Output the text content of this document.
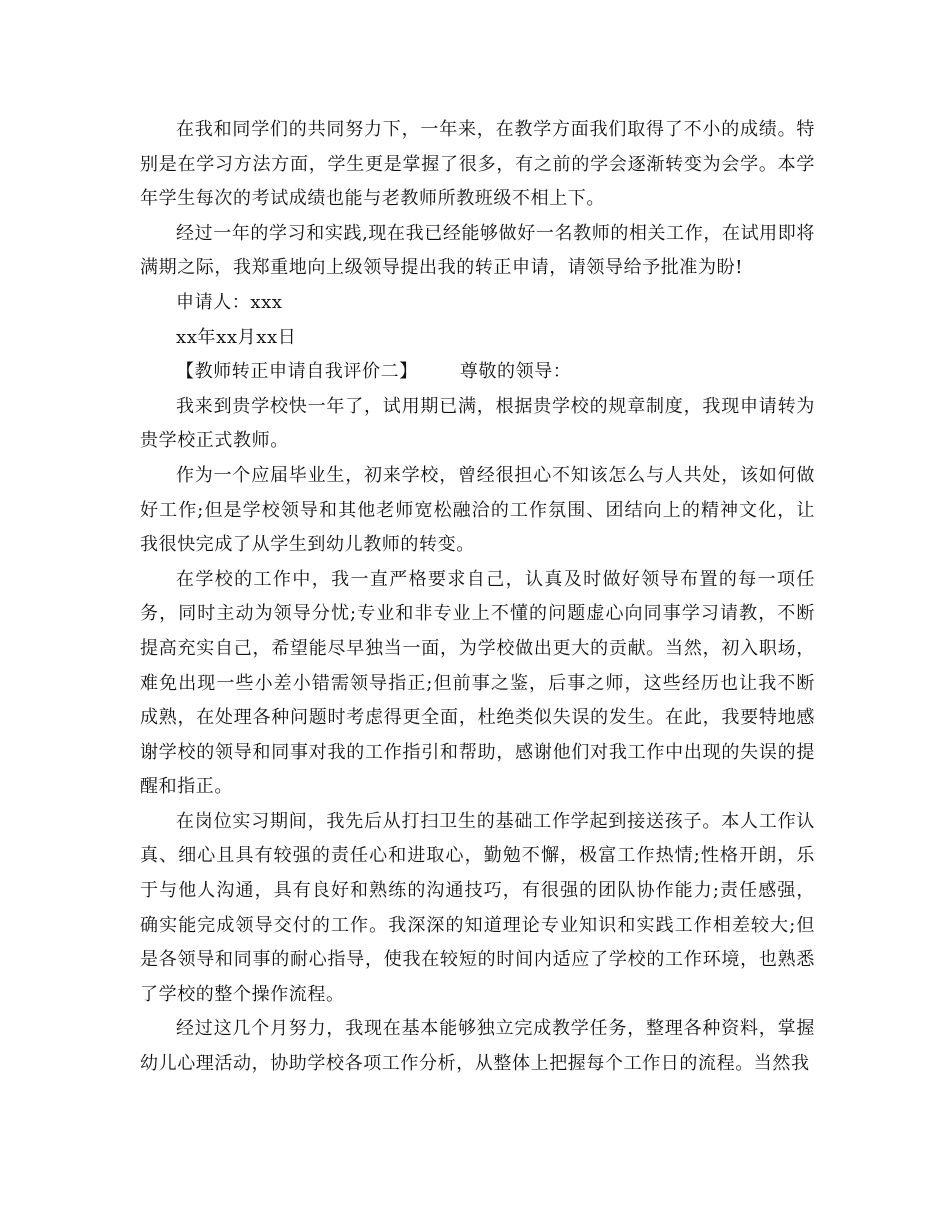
在我和同学们的共同努力下，一年来，在教学方面我们取得了不小的成绩。特别是在学习方法方面，学生更是掌握了很多，有之前的学会逐渐转变为会学。本学年学生每次的考试成绩也能与老教师所教班级不相上下。

经过一年的学习和实践,现在我已经能够做好一名教师的相关工作，在试用即将满期之际，我郑重地向上级领导提出我的转正申请，请领导给予批准为盼!

申请人：xxx

xx年xx月xx日

【教师转正申请自我评价二】 尊敬的领导：

我来到贵学校快一年了，试用期已满，根据贵学校的规章制度，我现申请转为贵学校正式教师。

作为一个应届毕业生，初来学校，曾经很担心不知该怎么与人共处，该如何做好工作;但是学校领导和其他老师宽松融洽的工作氛围、团结向上的精神文化，让我很快完成了从学生到幼儿教师的转变。

在学校的工作中，我一直严格要求自己，认真及时做好领导布置的每一项任务，同时主动为领导分忧;专业和非专业上不懂的问题虚心向同事学习请教，不断提高充实自己，希望能尽早独当一面，为学校做出更大的贡献。当然，初入职场，难免出现一些小差小错需领导指正;但前事之鉴，后事之师，这些经历也让我不断成熟，在处理各种问题时考虑得更全面，杜绝类似失误的发生。在此，我要特地感谢学校的领导和同事对我的工作指引和帮助，感谢他们对我工作中出现的失误的提醒和指正。

在岗位实习期间，我先后从打扫卫生的基础工作学起到接送孩子。本人工作认真、细心且具有较强的责任心和进取心，勤勉不懈，极富工作热情;性格开朗，乐于与他人沟通，具有良好和熟练的沟通技巧，有很强的团队协作能力;责任感强，确实能完成领导交付的工作。我深深的知道理论专业知识和实践工作相差较大;但是各领导和同事的耐心指导，使我在较短的时间内适应了学校的工作环境，也熟悉了学校的整个操作流程。

经过这几个月努力，我现在基本能够独立完成教学任务，整理各种资料，掌握幼儿心理活动，协助学校各项工作分析，从整体上把握每个工作日的流程。当然我
